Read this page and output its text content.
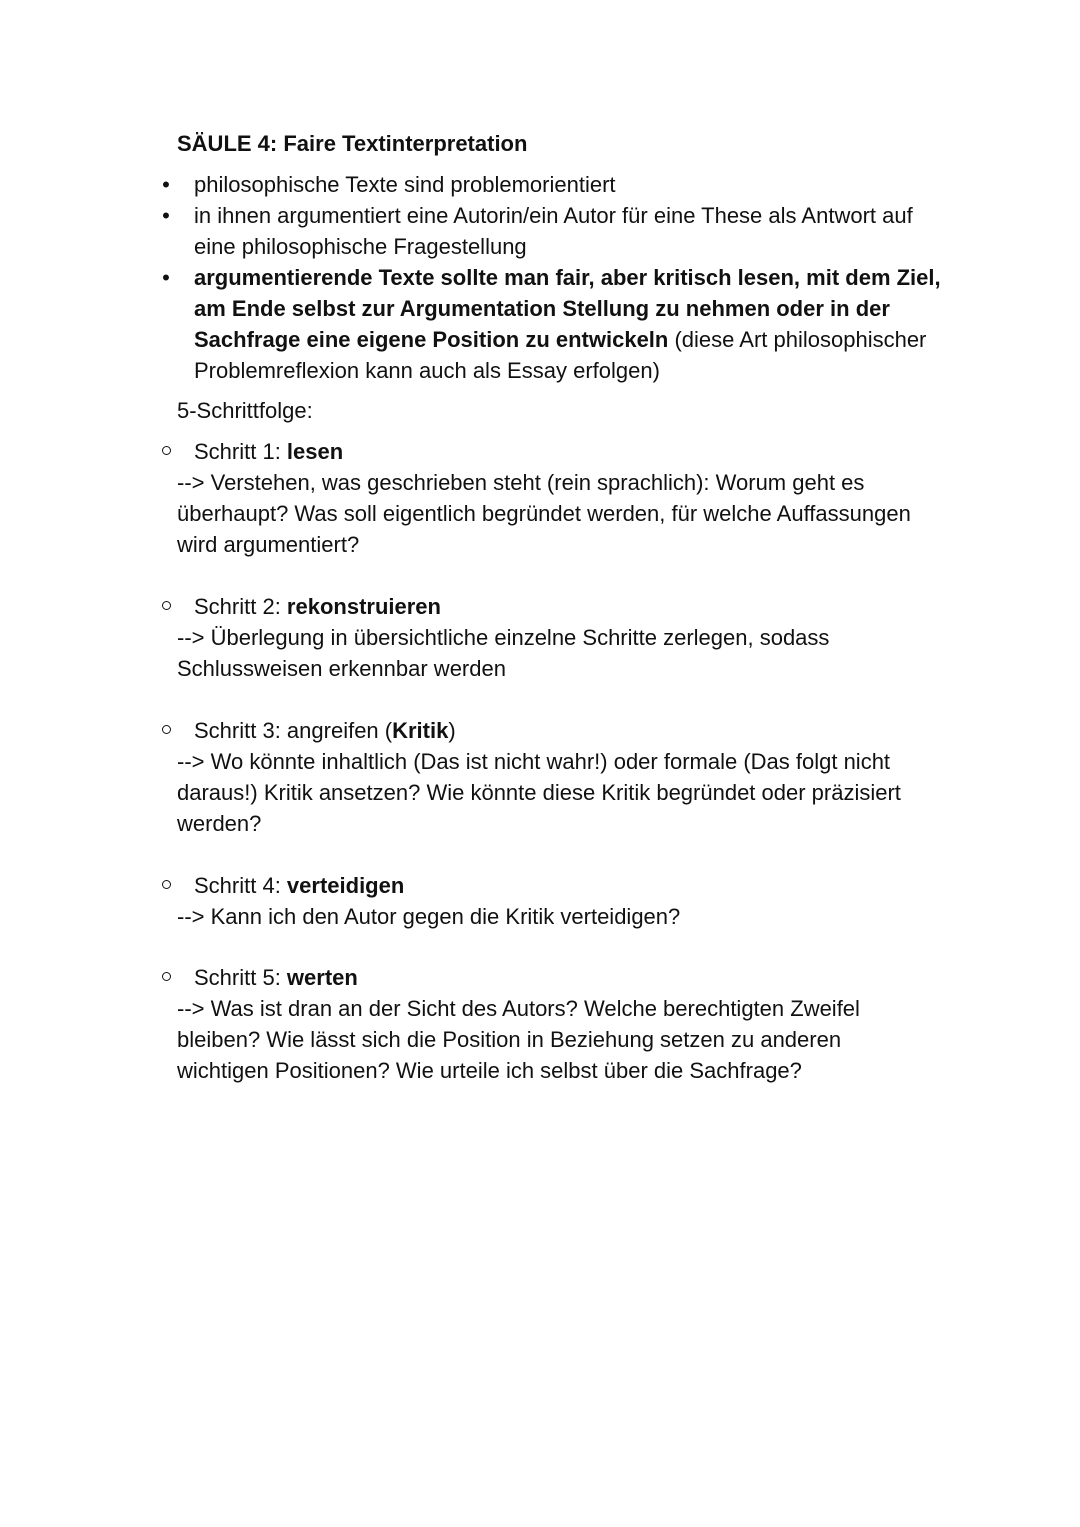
SÄULE 4: Faire Textinterpretation
• philosophische Texte sind problemorientiert
• in ihnen argumentiert eine Autorin/ein Autor für eine These als Antwort auf eine philosophische Fragestellung
• argumentierende Texte sollte man fair, aber kritisch lesen, mit dem Ziel, am Ende selbst zur Argumentation Stellung zu nehmen oder in der Sachfrage eine eigene Position zu entwickeln (diese Art philosophischer Problemreflexion kann auch als Essay erfolgen)

5-Schrittfolge:

Schritt 1: lesen
--> Verstehen, was geschrieben steht (rein sprachlich): Worum geht es überhaupt? Was soll eigentlich begründet werden, für welche Auffassungen wird argumentiert?
Schritt 2: rekonstruieren
--> Überlegung in übersichtliche einzelne Schritte zerlegen, sodass Schlussweisen erkennbar werden
Schritt 3: angreifen (Kritik)
--> Wo könnte inhaltlich (Das ist nicht wahr!) oder formale (Das folgt nicht daraus!) Kritik ansetzen? Wie könnte diese Kritik begründet oder präzisiert werden?
Schritt 4: verteidigen
--> Kann ich den Autor gegen die Kritik verteidigen?
Schritt 5: werten
--> Was ist dran an der Sicht des Autors? Welche berechtigten Zweifel bleiben? Wie lässt sich die Position in Beziehung setzen zu anderen wichtigen Positionen? Wie urteile ich selbst über die Sachfrage?
